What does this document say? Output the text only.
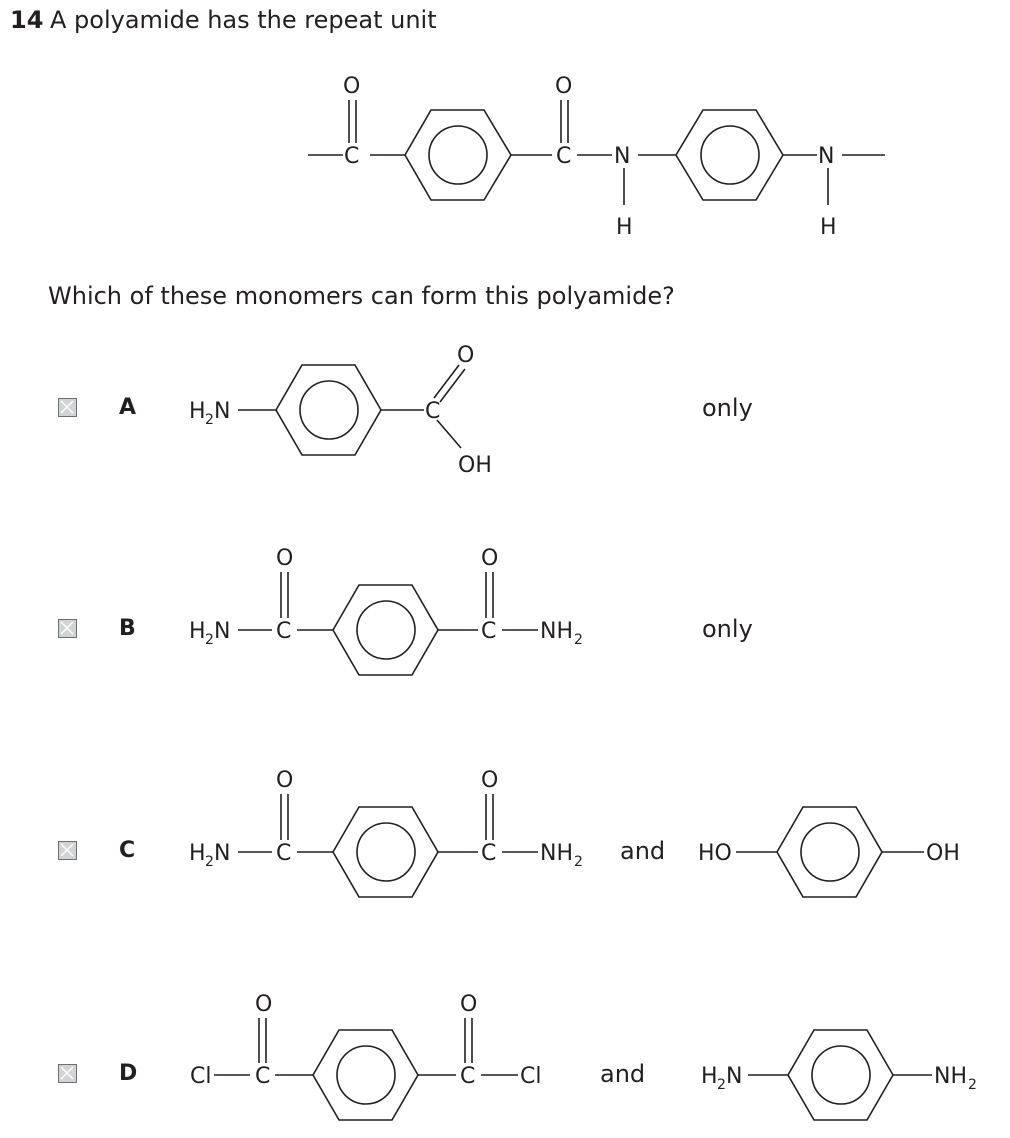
14 A polyamide has the repeat unit
O
C
O
C N
H
N
H
Which of these monomers can form this polyamide?
A H 2 N	C
O
OH
only
B H 2 N C
O
C
O
NH 2	only
C H 2 N C
O
C
O
NH 2	HO	OH
and
D Cl C
O
C
O
Cl	H 2 N	NH 2
and
